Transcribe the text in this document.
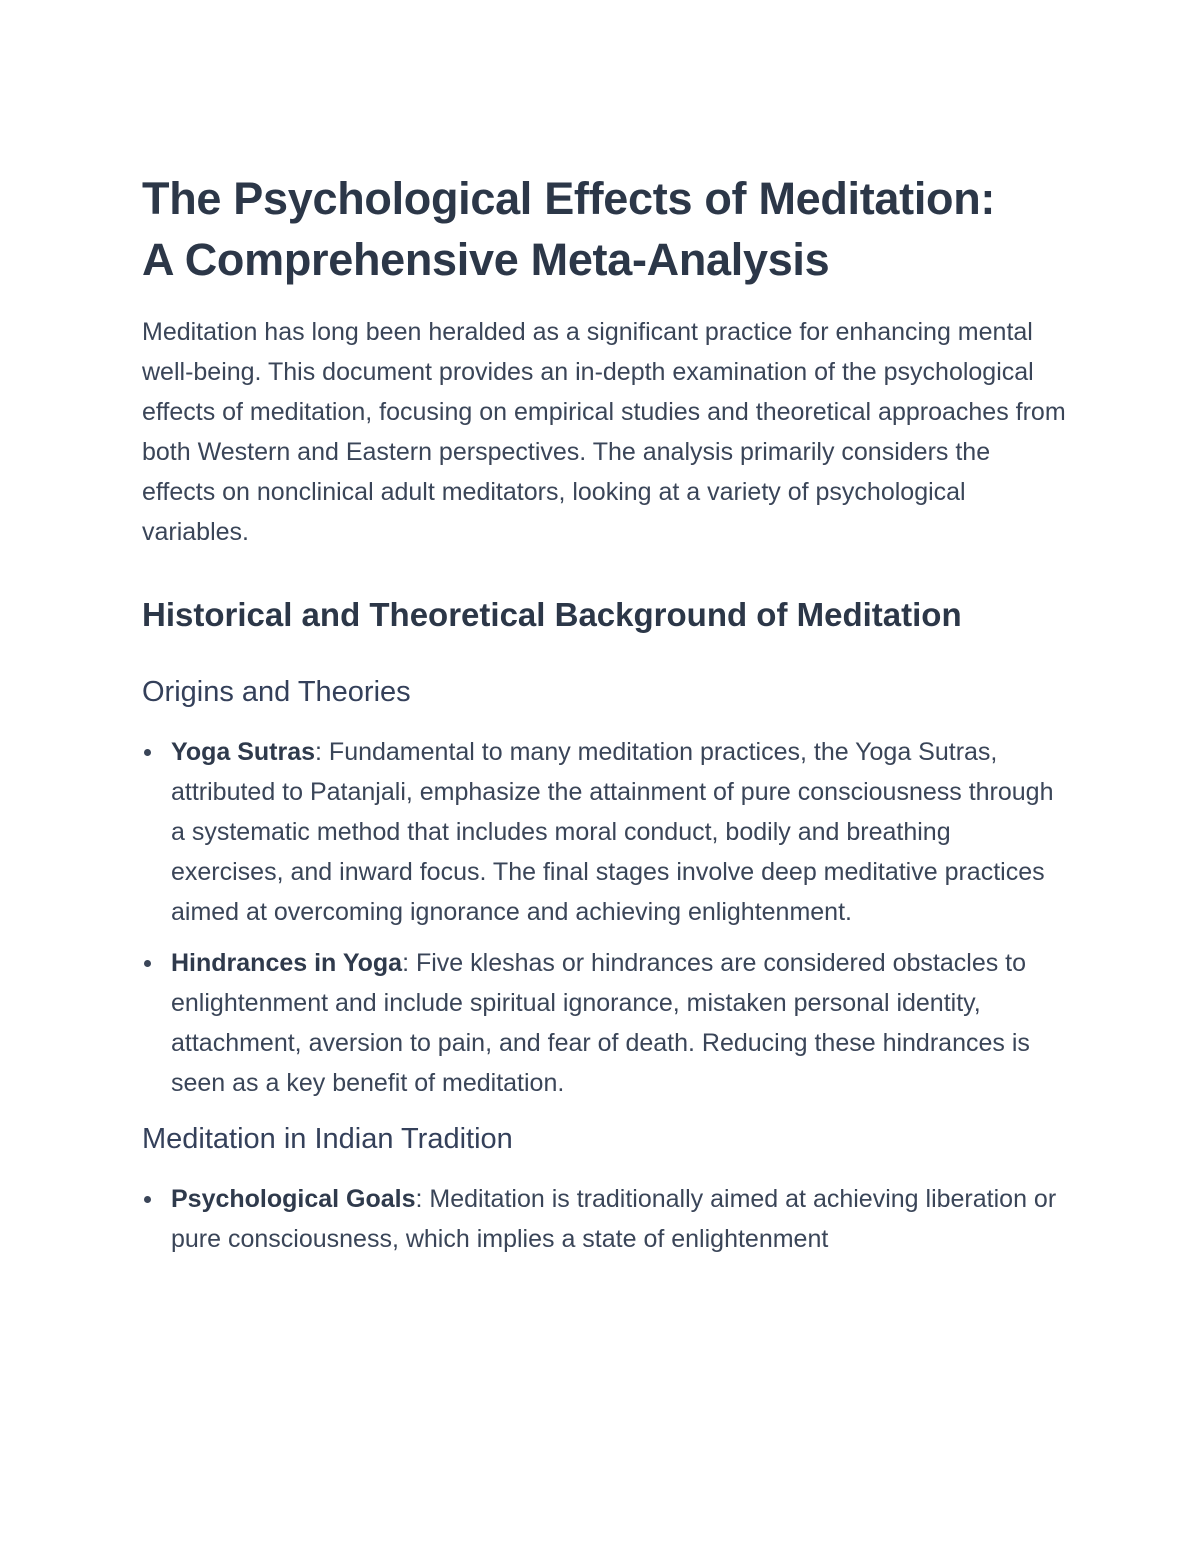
The Psychological Effects of Meditation: A Comprehensive Meta-Analysis

Meditation has long been heralded as a significant practice for enhancing mental well-being. This document provides an in-depth examination of the psychological effects of meditation, focusing on empirical studies and theoretical approaches from both Western and Eastern perspectives. The analysis primarily considers the effects on nonclinical adult meditators, looking at a variety of psychological variables.

Historical and Theoretical Background of Meditation
Origins and Theories
Yoga Sutras: Fundamental to many meditation practices, the Yoga Sutras, attributed to Patanjali, emphasize the attainment of pure consciousness through a systematic method that includes moral conduct, bodily and breathing exercises, and inward focus. The final stages involve deep meditative practices aimed at overcoming ignorance and achieving enlightenment.
Hindrances in Yoga: Five kleshas or hindrances are considered obstacles to enlightenment and include spiritual ignorance, mistaken personal identity, attachment, aversion to pain, and fear of death. Reducing these hindrances is seen as a key benefit of meditation.
Meditation in Indian Tradition
Psychological Goals: Meditation is traditionally aimed at achieving liberation or pure consciousness, which implies a state of enlightenment
